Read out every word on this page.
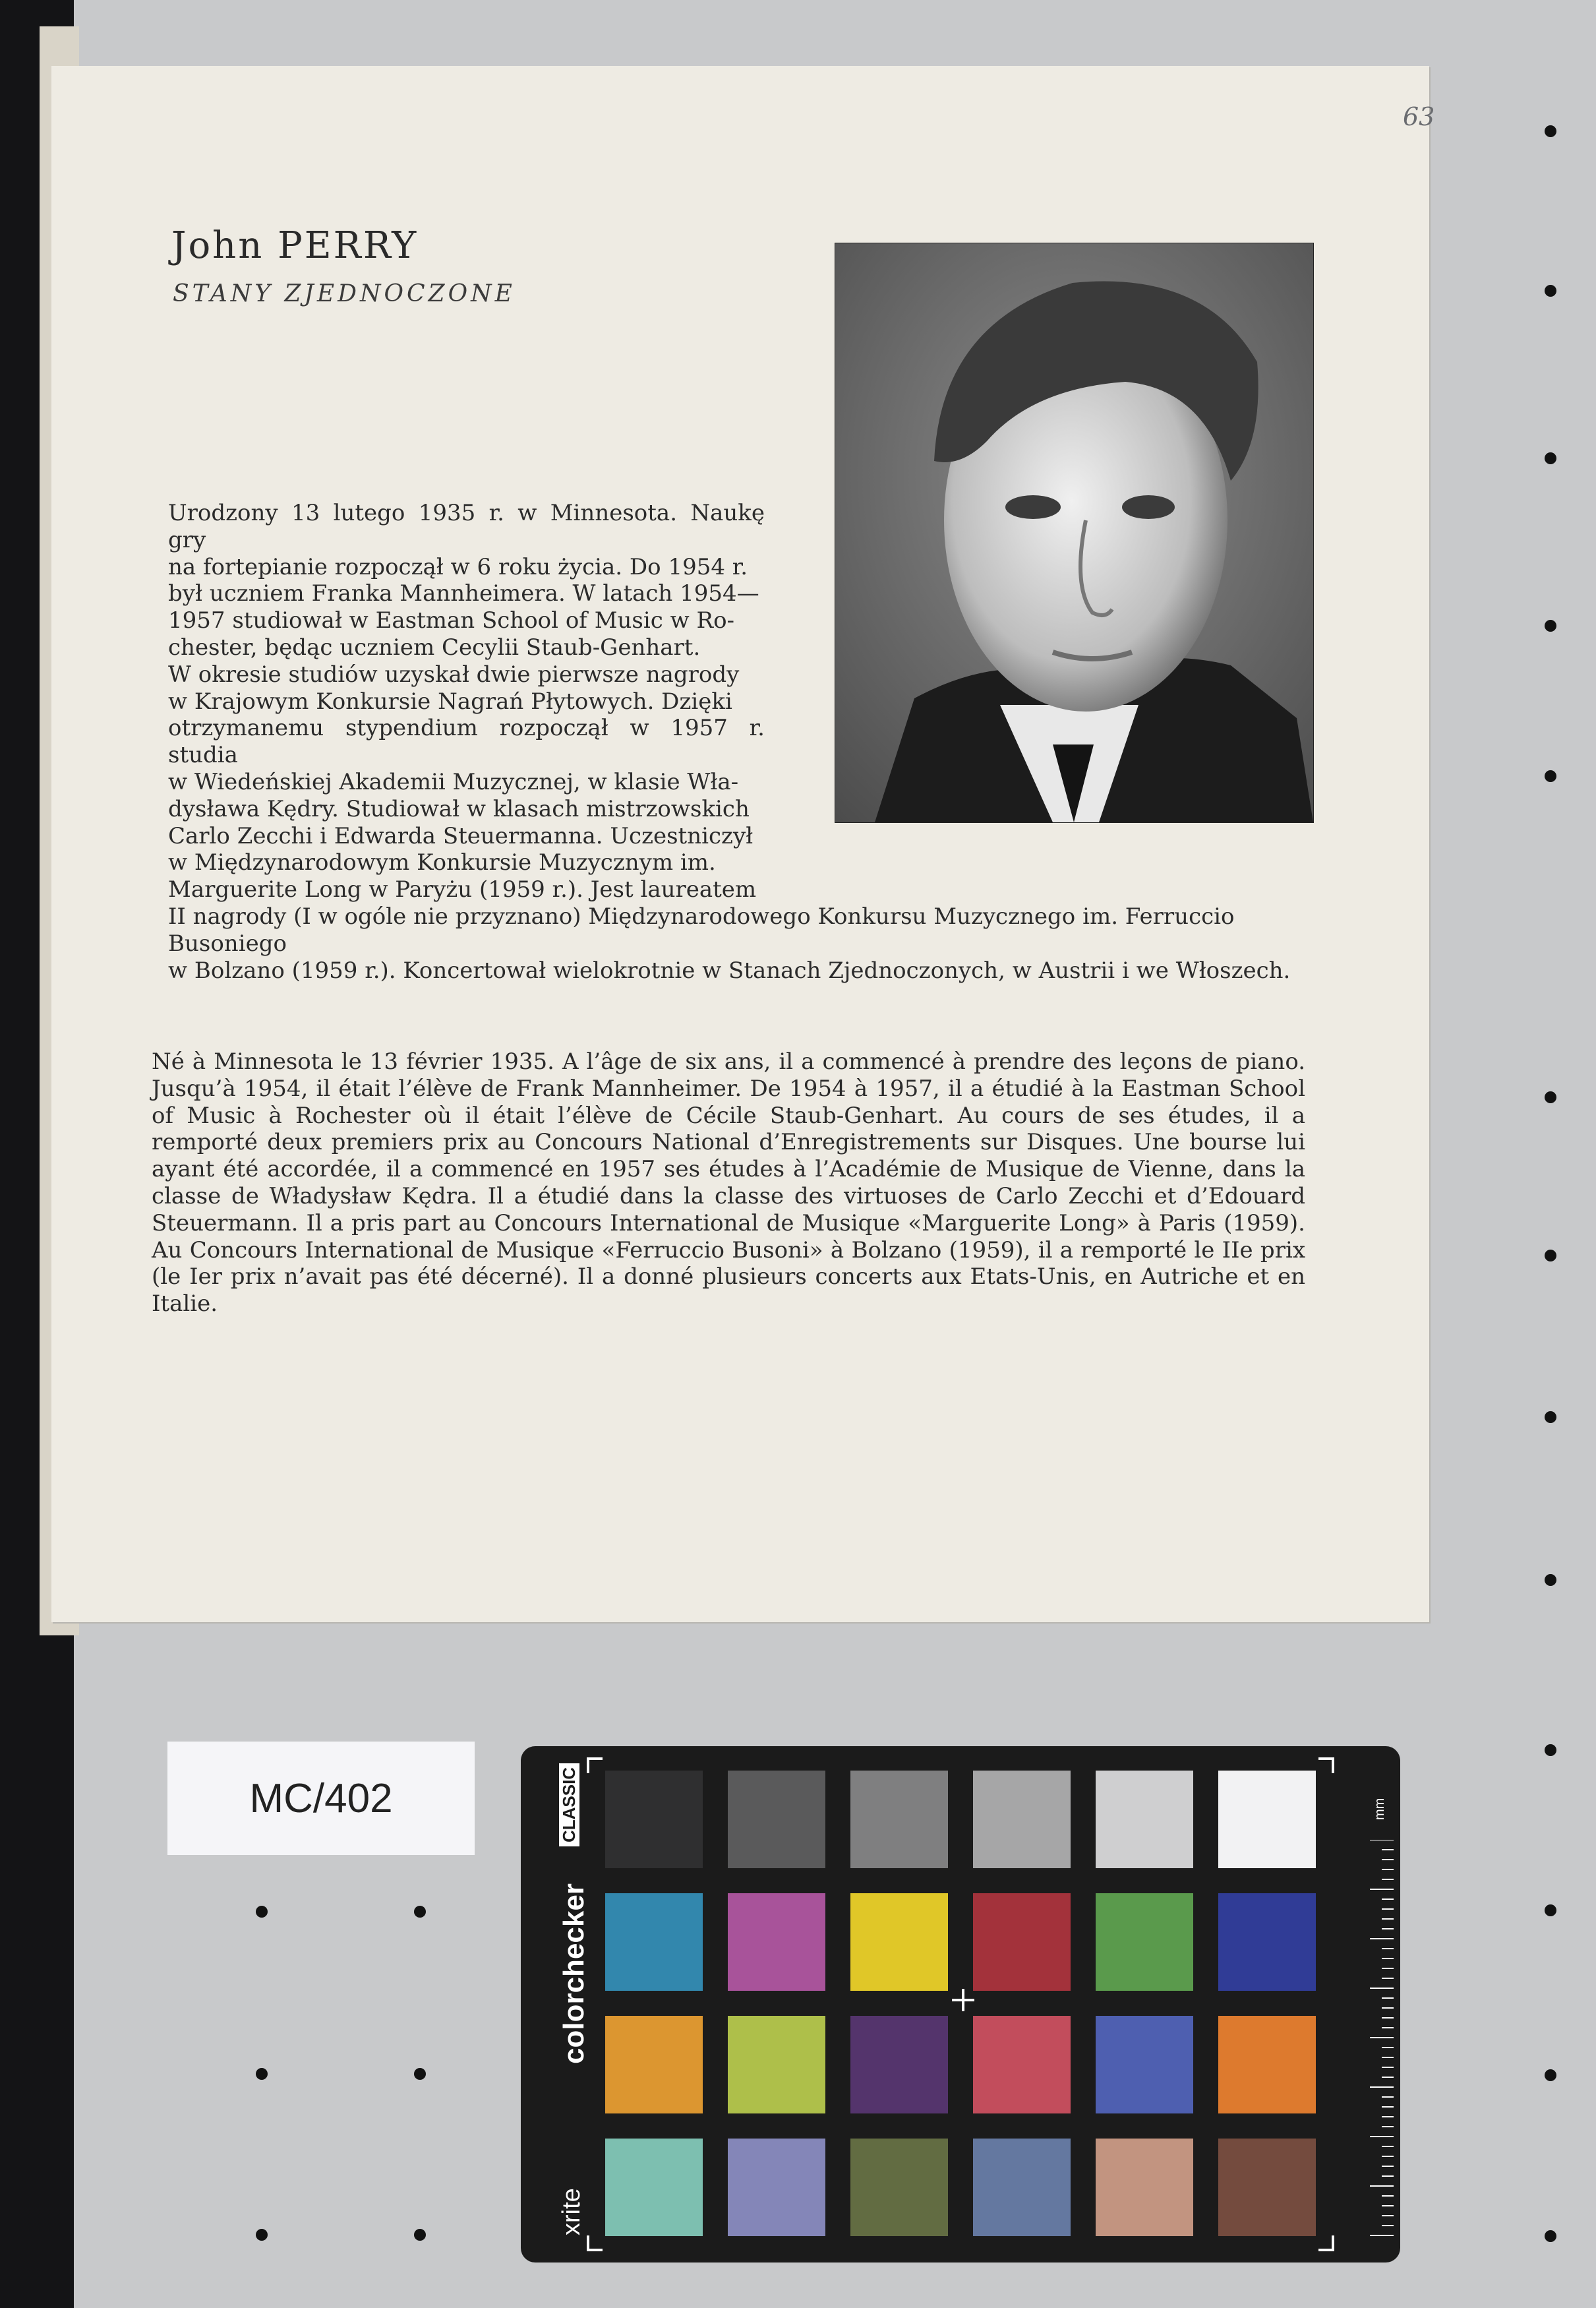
63
John PERRY
STANY ZJEDNOCZONE
Urodzony 13 lutego 1935 r. w Minnesota. Naukę gry
na fortepianie rozpoczął w 6 roku życia. Do 1954 r.
był uczniem Franka Mannheimera. W latach 1954—
1957 studiował w Eastman School of Music w Ro-
chester, będąc uczniem Cecylii Staub-Genhart.
W okresie studiów uzyskał dwie pierwsze nagrody
w Krajowym Konkursie Nagrań Płytowych. Dzięki
otrzymanemu stypendium rozpoczął w 1957 r. studia
w Wiedeńskiej Akademii Muzycznej, w klasie Wła-
dysława Kędry. Studiował w klasach mistrzowskich
Carlo Zecchi i Edwarda Steuermanna. Uczestniczył
w Międzynarodowym Konkursie Muzycznym im.
Marguerite Long w Paryżu (1959 r.). Jest laureatem
II nagrody (I w ogóle nie przyznano) Międzynarodowego Konkursu Muzycznego im. Ferruccio Busoniego
w Bolzano (1959 r.). Koncertował wielokrotnie w Stanach Zjednoczonych, w Austrii i we Włoszech.
Né à Minnesota le 13 février 1935. A l’âge de six ans, il a commencé à prendre des leçons de piano. Jusqu’à 1954, il était l’élève de Frank Mannheimer. De 1954 à 1957, il a étudié à la Eastman School of Music à Rochester où il était l’élève de Cécile Staub-Genhart. Au cours de ses études, il a remporté deux premiers prix au Concours National d’Enregistrements sur Disques. Une bourse lui ayant été accordée, il a commencé en 1957 ses études à l’Académie de Musique de Vienne, dans la classe de Władysław Kędra. Il a étudié dans la classe des virtuoses de Carlo Zecchi et d’Edouard Steuermann. Il a pris part au Concours International de Musique «Marguerite Long» à Paris (1959). Au Concours International de Musique «Ferruccio Busoni» à Bolzano (1959), il a remporté le IIe prix (le Ier prix n’avait pas été décerné). Il a donné plusieurs concerts aux Etats-Unis, en Autriche et en Italie.
MC/402	CLASSIC
colorchecker
xrite
mm
